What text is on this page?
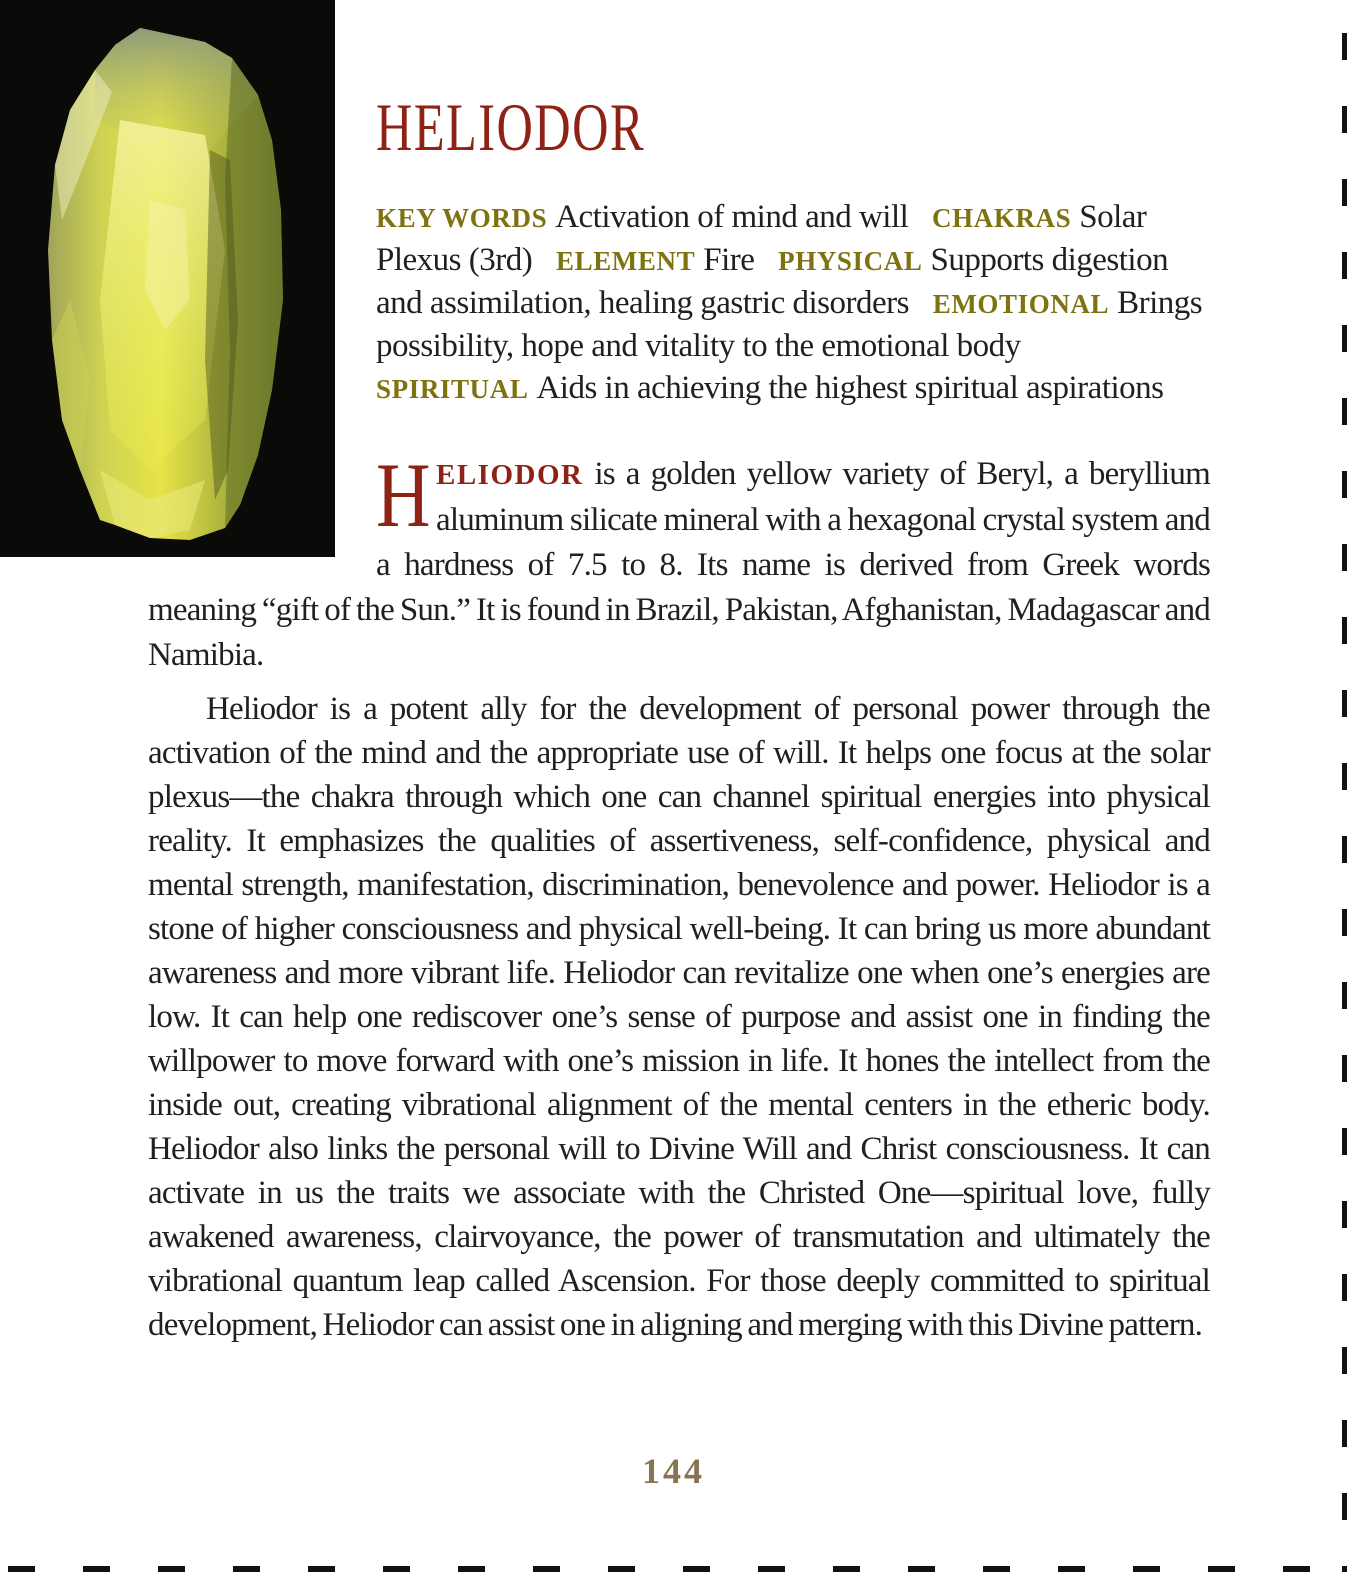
HELIODOR
KEY WORDS Activation of mind and will CHAKRAS Solar Plexus (3rd) ELEMENT Fire PHYSICAL Supports digestion and assimilation, healing gastric disorders EMOTIONAL Brings possibility, hope and vitality to the emotional body SPIRITUAL Aids in achieving the highest spiritual aspirations

HELIODOR is a golden yellow variety of Beryl, a beryllium aluminum silicate mineral with a hexagonal crystal system and a hardness of 7.5 to 8. Its name is derived from Greek words meaning “gift of the Sun.” It is found in Brazil, Pakistan, Afghanistan, Madagascar and Namibia.

Heliodor is a potent ally for the development of personal power through the activation of the mind and the appropriate use of will. It helps one focus at the solar plexus—the chakra through which one can channel spiritual energies into physical reality. It emphasizes the qualities of assertiveness, self-confidence, physical and mental strength, manifestation, discrimination, benevolence and power. Heliodor is a stone of higher consciousness and physical well-being. It can bring us more abundant awareness and more vibrant life. Heliodor can revitalize one when one’s energies are low. It can help one rediscover one’s sense of purpose and assist one in finding the willpower to move forward with one’s mission in life. It hones the intellect from the inside out, creating vibrational alignment of the mental centers in the etheric body. Heliodor also links the personal will to Divine Will and Christ consciousness. It can activate in us the traits we associate with the Christed One—spiritual love, fully awakened awareness, clairvoyance, the power of transmutation and ultimately the vibrational quantum leap called Ascension. For those deeply committed to spiritual development, Heliodor can assist one in aligning and merging with this Divine pattern.

144
